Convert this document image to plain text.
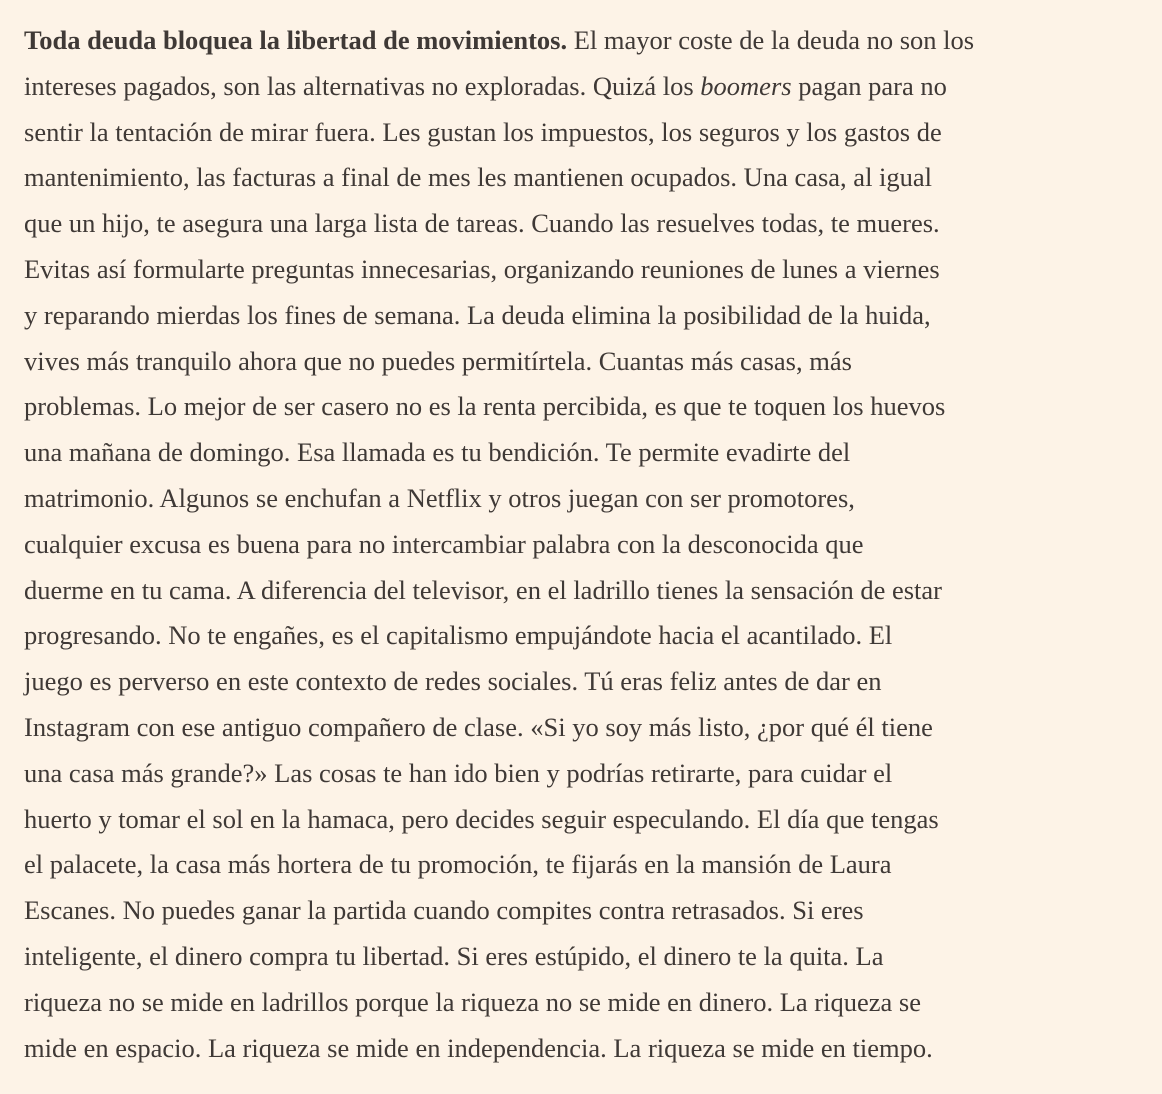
Toda deuda bloquea la libertad de movimientos. El mayor coste de la deuda no son los
intereses pagados, son las alternativas no exploradas. Quizá los boomers pagan para no
sentir la tentación de mirar fuera. Les gustan los impuestos, los seguros y los gastos de
mantenimiento, las facturas a final de mes les mantienen ocupados. Una casa, al igual
que un hijo, te asegura una larga lista de tareas. Cuando las resuelves todas, te mueres.
Evitas así formularte preguntas innecesarias, organizando reuniones de lunes a viernes
y reparando mierdas los fines de semana. La deuda elimina la posibilidad de la huida,
vives más tranquilo ahora que no puedes permitírtela. Cuantas más casas, más
problemas. Lo mejor de ser casero no es la renta percibida, es que te toquen los huevos
una mañana de domingo. Esa llamada es tu bendición. Te permite evadirte del
matrimonio. Algunos se enchufan a Netflix y otros juegan con ser promotores,
cualquier excusa es buena para no intercambiar palabra con la desconocida que
duerme en tu cama. A diferencia del televisor, en el ladrillo tienes la sensación de estar
progresando. No te engañes, es el capitalismo empujándote hacia el acantilado. El
juego es perverso en este contexto de redes sociales. Tú eras feliz antes de dar en
Instagram con ese antiguo compañero de clase. «Si yo soy más listo, ¿por qué él tiene
una casa más grande?» Las cosas te han ido bien y podrías retirarte, para cuidar el
huerto y tomar el sol en la hamaca, pero decides seguir especulando. El día que tengas
el palacete, la casa más hortera de tu promoción, te fijarás en la mansión de Laura
Escanes. No puedes ganar la partida cuando compites contra retrasados. Si eres
inteligente, el dinero compra tu libertad. Si eres estúpido, el dinero te la quita. La
riqueza no se mide en ladrillos porque la riqueza no se mide en dinero. La riqueza se
mide en espacio. La riqueza se mide en independencia. La riqueza se mide en tiempo.
